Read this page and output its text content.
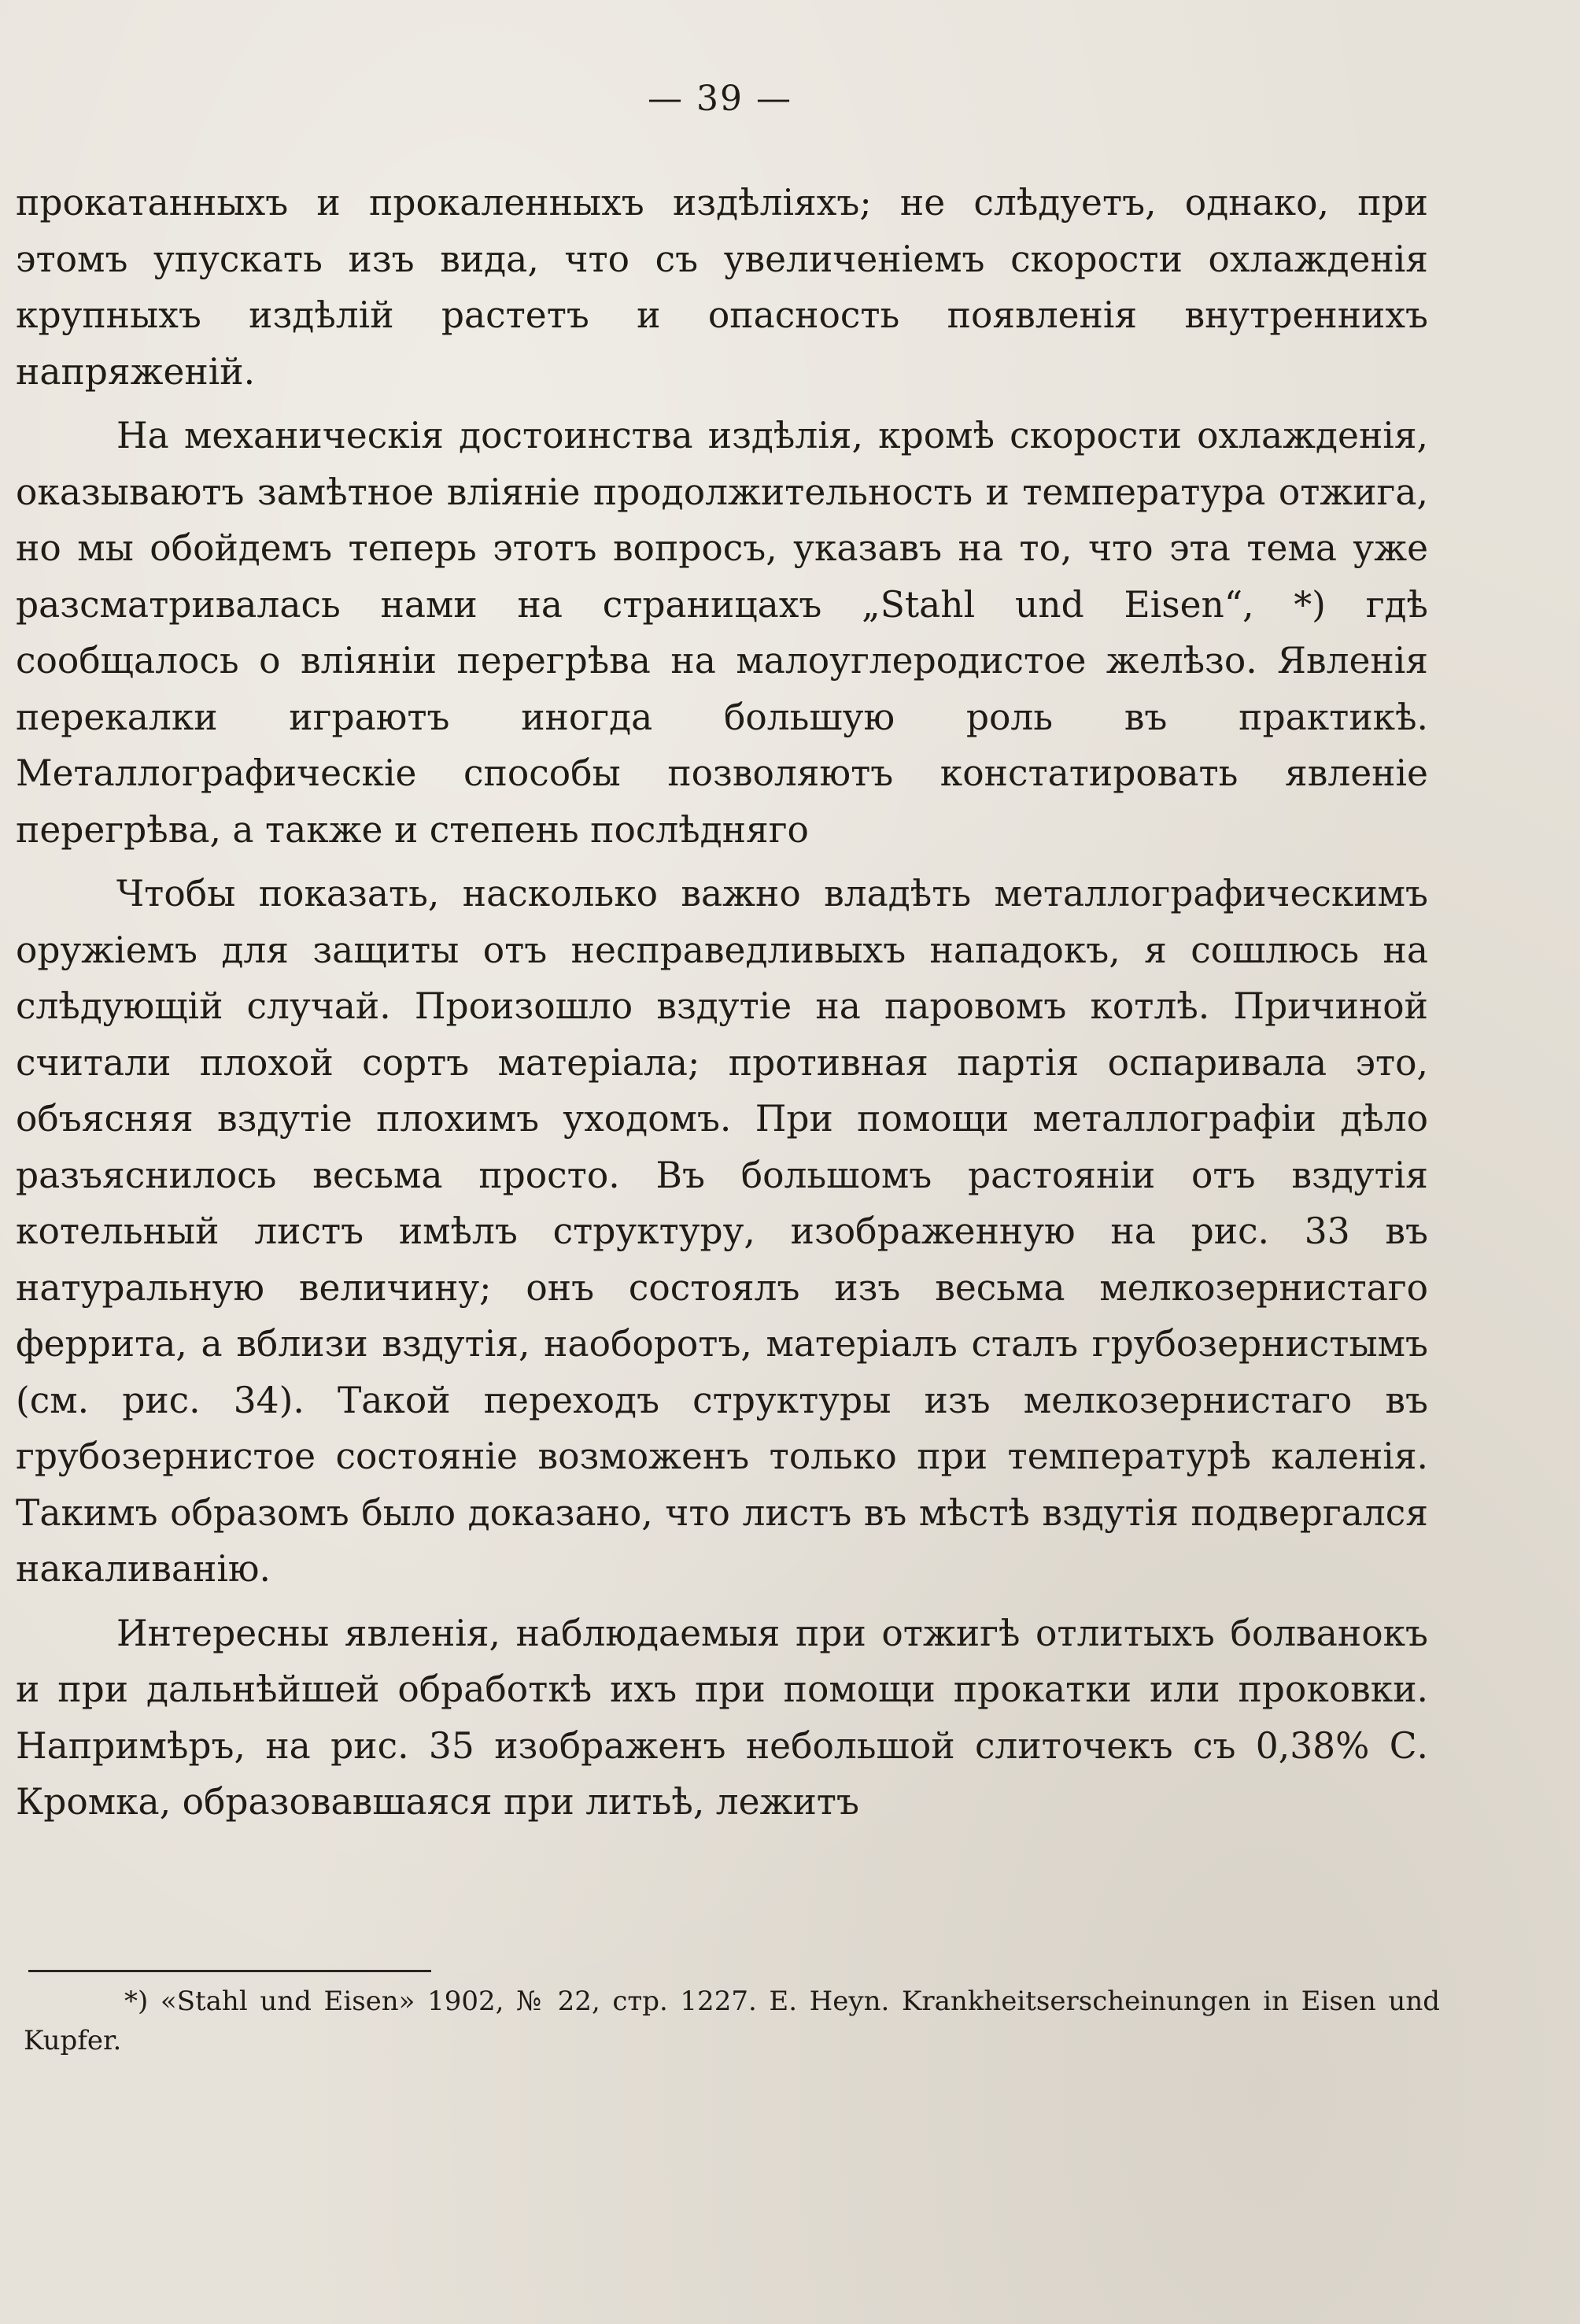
— 39 —

прокатанныхъ и прокаленныхъ издѣліяхъ; не слѣдуетъ, однако, при этомъ упускать изъ вида, что съ увеличеніемъ скорости охлажденія крупныхъ издѣлій растетъ и опасность появленія внутреннихъ напряженій.

На механическія достоинства издѣлія, кромѣ скорости охлажденія, оказываютъ замѣтное вліяніе продолжительность и температура отжига, но мы обойдемъ теперь этотъ вопросъ, указавъ на то, что эта тема уже разсматривалась нами на страницахъ „Stahl und Eisen“, *) гдѣ сообщалось о вліяніи перегрѣва на малоуглеродистое желѣзо. Явленія перекалки играютъ иногда большую роль въ практикѣ. Металлографическіе способы позволяютъ констатировать явленіе перегрѣва, а также и степень послѣдняго

Чтобы показать, насколько важно владѣть металлографическимъ оружіемъ для защиты отъ несправедливыхъ нападокъ, я сошлюсь на слѣдующій случай. Произошло вздутіе на паровомъ котлѣ. Причиной считали плохой сортъ матеріала; противная партія оспаривала это, объясняя вздутіе плохимъ уходомъ. При помощи металлографіи дѣло разъяснилось весьма просто. Въ большомъ растояніи отъ вздутія котельный листъ имѣлъ структуру, изображенную на рис. 33 въ натуральную величину; онъ состоялъ изъ весьма мелкозернистаго феррита, а вблизи вздутія, наоборотъ, матеріалъ сталъ грубозернистымъ (см. рис. 34). Такой переходъ структуры изъ мелкозернистаго въ грубозернистое состояніе возможенъ только при температурѣ каленія. Такимъ образомъ было доказано, что листъ въ мѣстѣ вздутія подвергался накаливанію.

Интересны явленія, наблюдаемыя при отжигѣ отлитыхъ болванокъ и при дальнѣйшей обработкѣ ихъ при помощи прокатки или проковки. Напримѣръ, на рис. 35 изображенъ небольшой слиточекъ съ 0,38% С. Кромка, образовавшаяся при литьѣ, лежитъ

*) «Stahl und Eisen» 1902, № 22, стр. 1227. E. Heyn. Krankheitserscheinungen in Eisen und Kupfer.
